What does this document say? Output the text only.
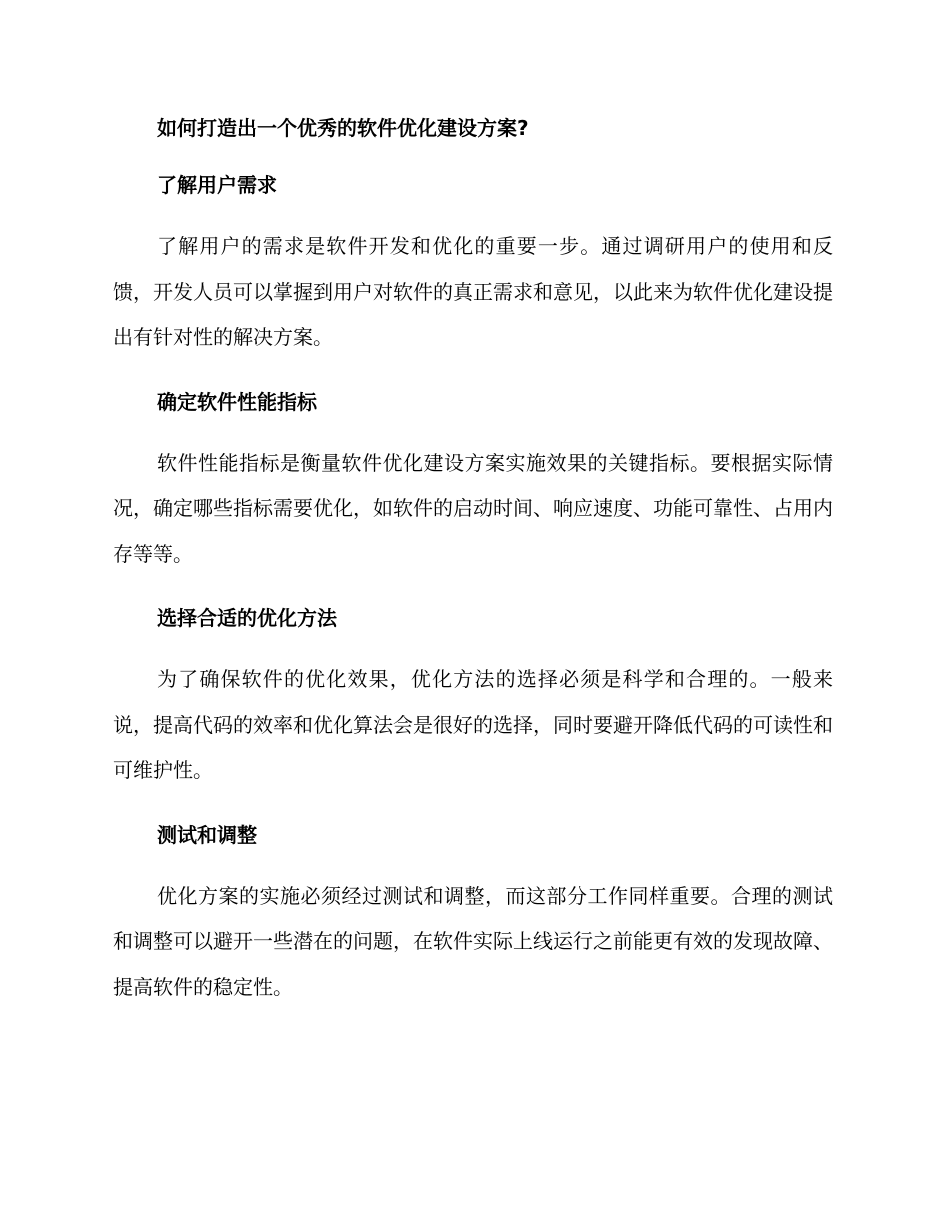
如何打造出一个优秀的软件优化建设方案?
了解用户需求

了解用户的需求是软件开发和优化的重要一步。通过调研用户的使用和反馈，开发人员可以掌握到用户对软件的真正需求和意见，以此来为软件优化建设提出有针对性的解决方案。

确定软件性能指标

软件性能指标是衡量软件优化建设方案实施效果的关键指标。要根据实际情况，确定哪些指标需要优化，如软件的启动时间、响应速度、功能可靠性、占用内存等等。

选择合适的优化方法

为了确保软件的优化效果，优化方法的选择必须是科学和合理的。一般来说，提高代码的效率和优化算法会是很好的选择，同时要避开降低代码的可读性和可维护性。

测试和调整

优化方案的实施必须经过测试和调整，而这部分工作同样重要。合理的测试和调整可以避开一些潜在的问题，在软件实际上线运行之前能更有效的发现故障、提高软件的稳定性。
